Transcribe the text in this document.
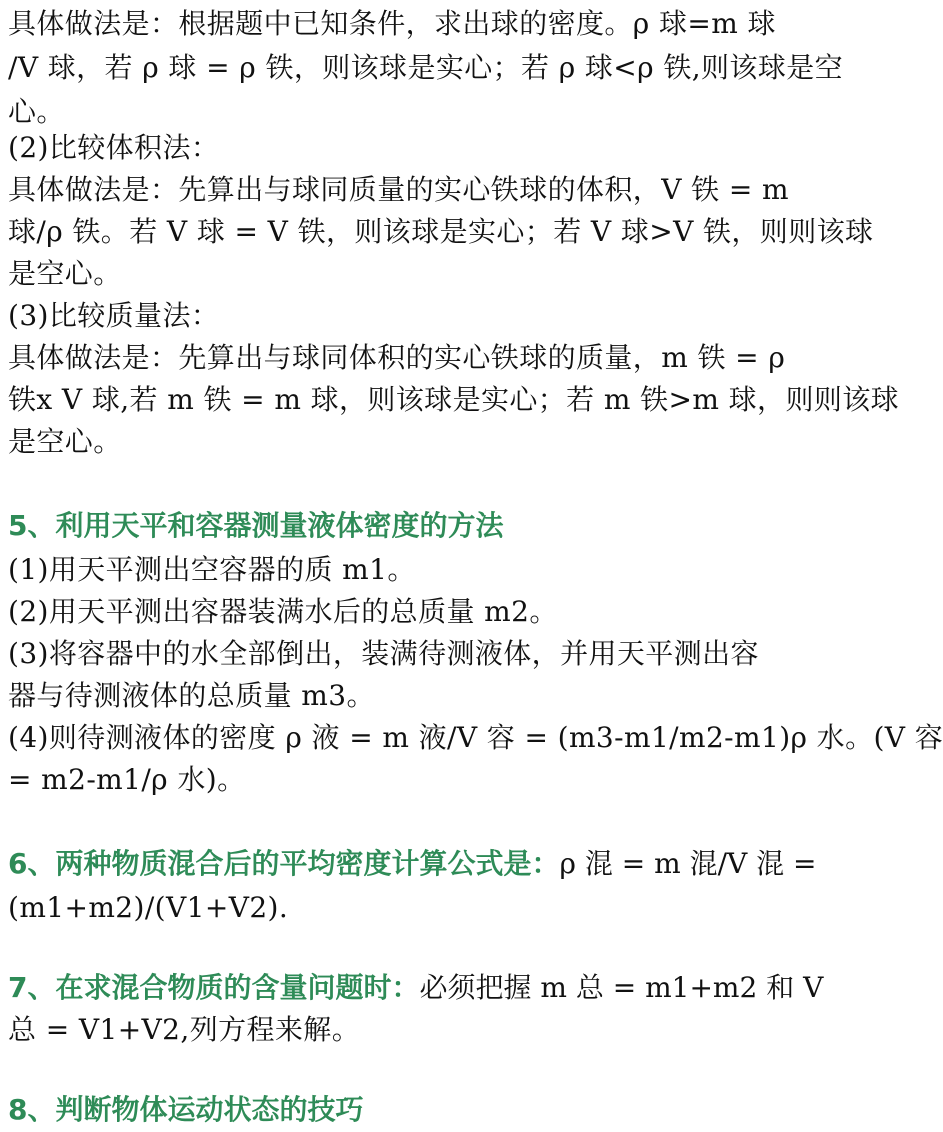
具体做法是：根据题中已知条件，求出球的密度。ρ 球=m 球
/V 球，若 ρ 球 = ρ 铁，则该球是实心；若 ρ 球<ρ 铁,则该球是空
心。
(2)比较体积法：
具体做法是：先算出与球同质量的实心铁球的体积，V 铁 = m
球/ρ 铁。若 V 球 = V 铁，则该球是实心；若 V 球>V 铁，则则该球
是空心。
(3)比较质量法：
具体做法是：先算出与球同体积的实心铁球的质量，m 铁 = ρ
铁x V 球,若 m 铁 = m 球，则该球是实心；若 m 铁>m 球，则则该球
是空心。
5、利用天平和容器测量液体密度的方法
(1)用天平测出空容器的质 m1。
(2)用天平测出容器装满水后的总质量 m2。
(3)将容器中的水全部倒出，装满待测液体，并用天平测出容
器与待测液体的总质量 m3。
(4)则待测液体的密度 ρ 液 = m 液/V 容 = (m3-m1/m2-m1)ρ 水。(V 容
= m2-m1/ρ 水)。
6、两种物质混合后的平均密度计算公式是：ρ 混 = m 混/V 混 =
(m1+m2)/(V1+V2).
7、在求混合物质的含量问题时：必须把握 m 总 = m1+m2 和 V
总 = V1+V2,列方程来解。
8、判断物体运动状态的技巧
